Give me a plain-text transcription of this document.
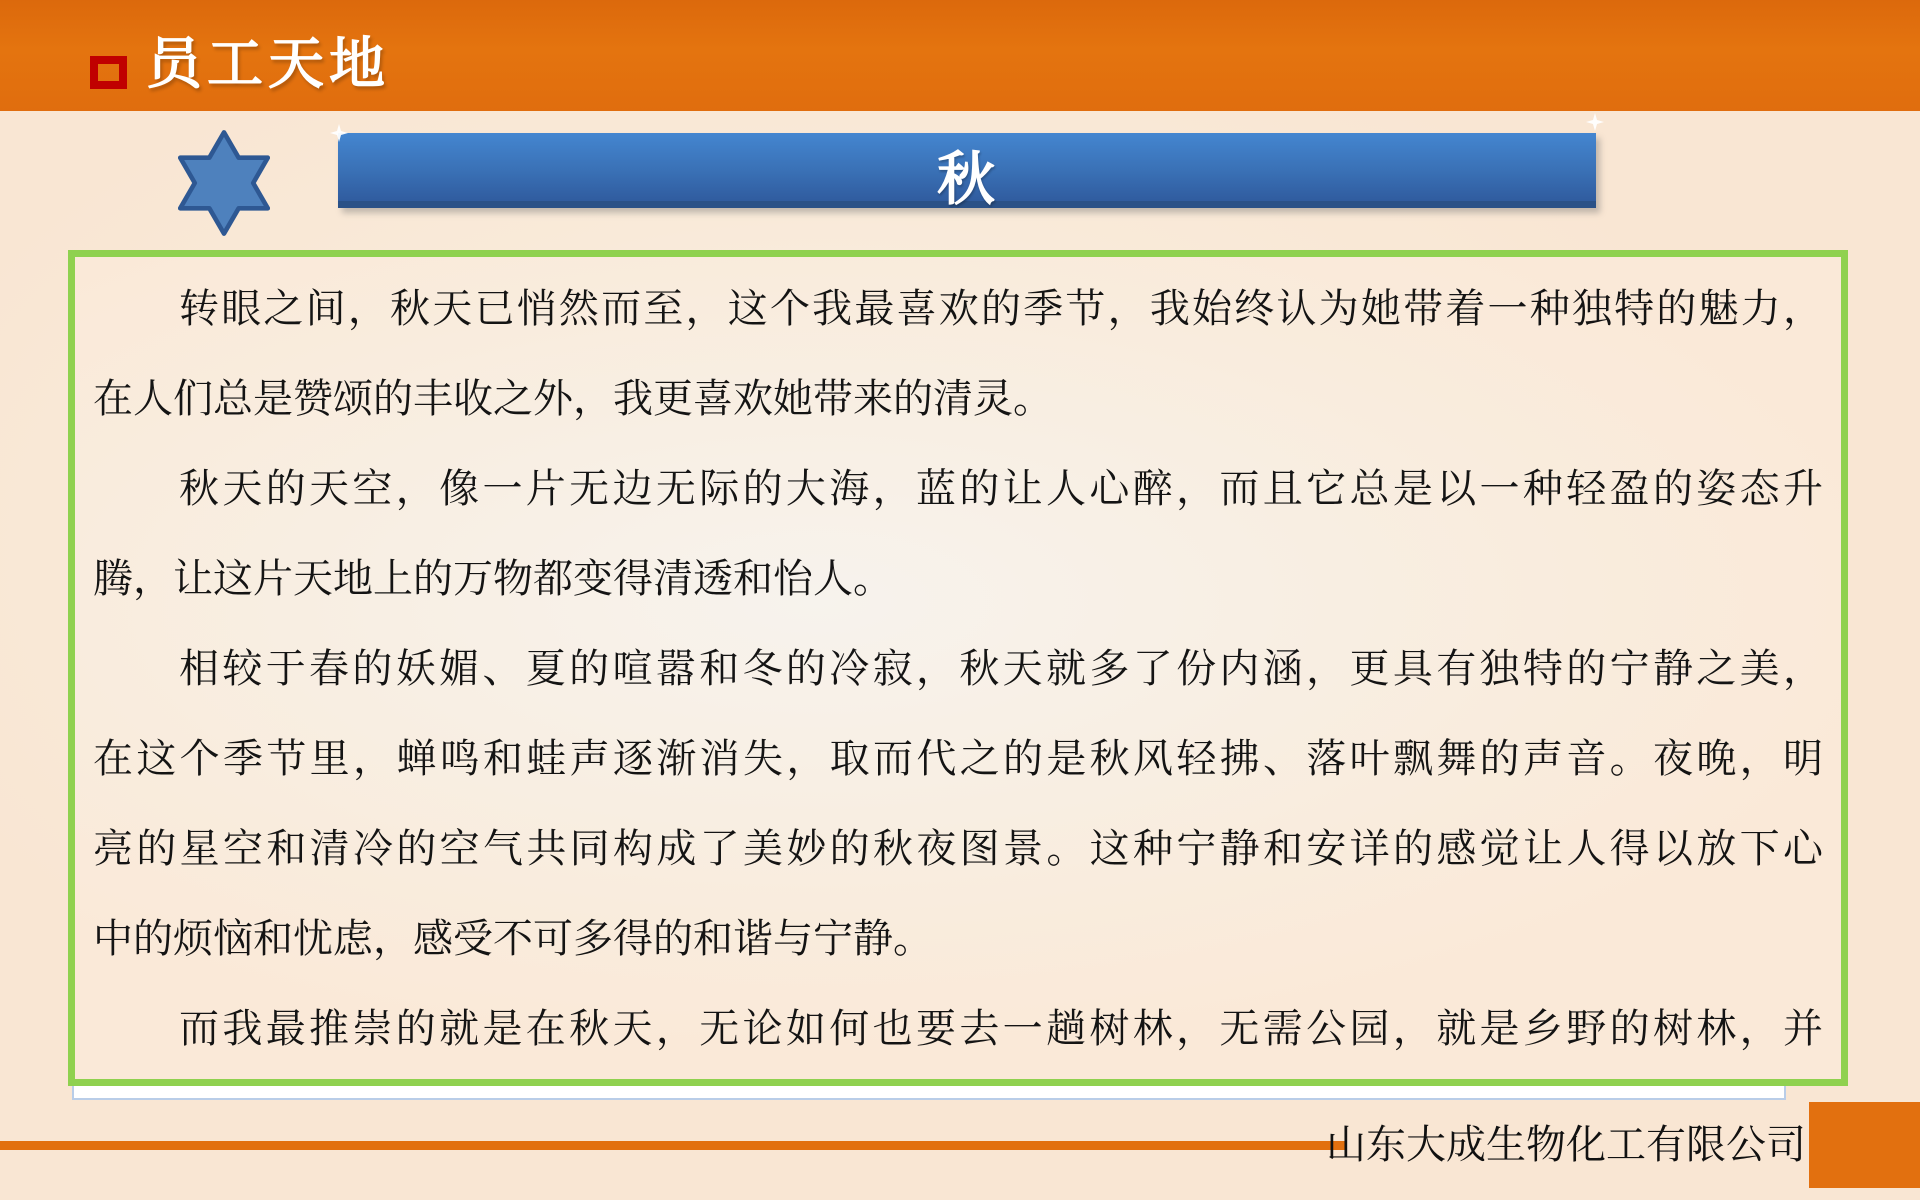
员工天地
秋
转眼之间，秋天已悄然而至，这个我最喜欢的季节，我始终认为她带着一种独特的魅力，
在人们总是赞颂的丰收之外，我更喜欢她带来的清灵。
秋天的天空，像一片无边无际的大海，蓝的让人心醉，而且它总是以一种轻盈的姿态升
腾，让这片天地上的万物都变得清透和怡人。
相较于春的妖媚、夏的喧嚣和冬的冷寂，秋天就多了份内涵，更具有独特的宁静之美，
在这个季节里，蝉鸣和蛙声逐渐消失，取而代之的是秋风轻拂、落叶飘舞的声音。夜晚，明
亮的星空和清冷的空气共同构成了美妙的秋夜图景。这种宁静和安详的感觉让人得以放下心
中的烦恼和忧虑，感受不可多得的和谐与宁静。
而我最推崇的就是在秋天，无论如何也要去一趟树林，无需公园，就是乡野的树林，并
山东大成生物化工有限公司
